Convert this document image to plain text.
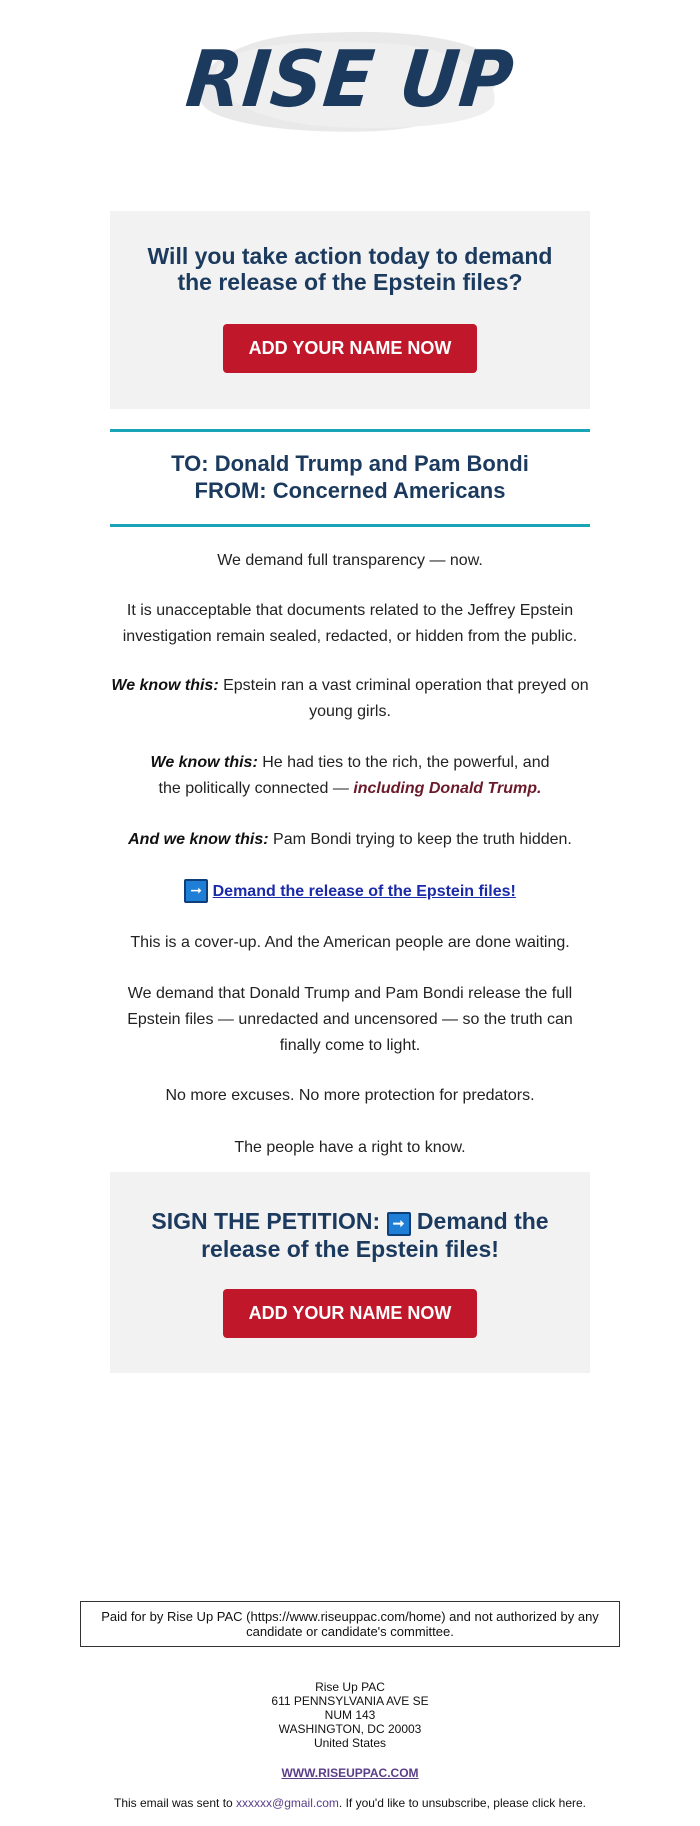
RISE UP
Will you take action today to demand the release of the Epstein files?
ADD YOUR NAME NOW
TO: Donald Trump and Pam Bondi
FROM: Concerned Americans

We demand full transparency — now.

It is unacceptable that documents related to the Jeffrey Epstein investigation remain sealed, redacted, or hidden from the public.

We know this: Epstein ran a vast criminal operation that preyed on young girls.

We know this: He had ties to the rich, the powerful, and the politically connected — including Donald Trump.

And we know this: Pam Bondi trying to keep the truth hidden.

➞ Demand the release of the Epstein files!

This is a cover-up. And the American people are done waiting.

We demand that Donald Trump and Pam Bondi release the full Epstein files — unredacted and uncensored — so the truth can finally come to light.

No more excuses. No more protection for predators.

The people have a right to know.

SIGN THE PETITION: ➞ Demand the release of the Epstein files!
ADD YOUR NAME NOW
Paid for by Rise Up PAC (https://www.riseuppac.com/home) and not authorized by any candidate or candidate's committee.
Rise Up PAC
611 PENNSYLVANIA AVE SE
NUM 143
WASHINGTON, DC 20003
United States
WWW.RISEUPPAC.COM
This email was sent to xxxxxx@gmail.com. If you'd like to unsubscribe, please click here.
